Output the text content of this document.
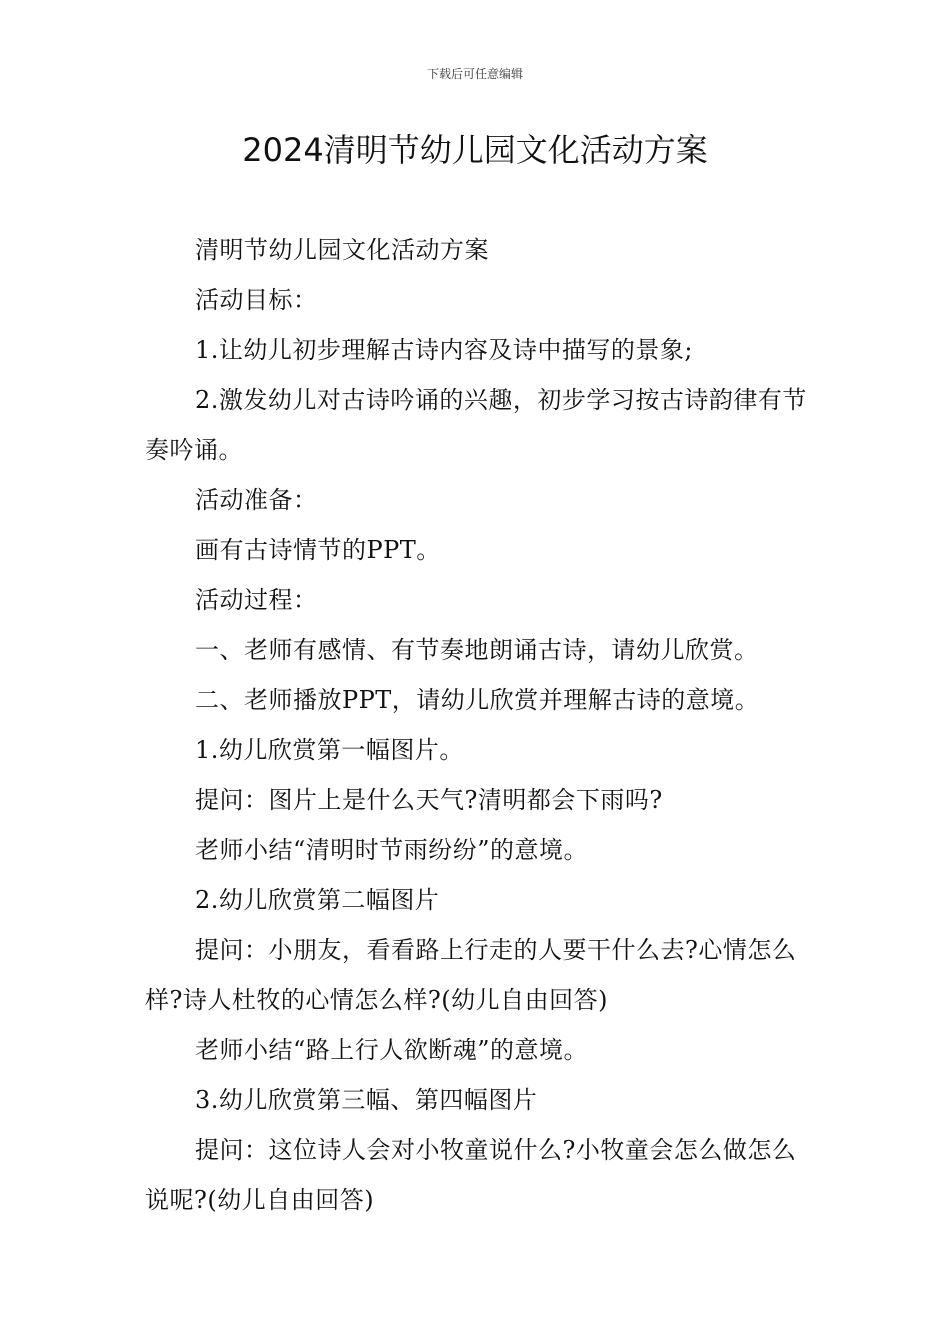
下载后可任意编辑
2024清明节幼儿园文化活动方案

清明节幼儿园文化活动方案

活动目标：

1.让幼儿初步理解古诗内容及诗中描写的景象;

2.激发幼儿对古诗吟诵的兴趣，初步学习按古诗韵律有节奏吟诵。

活动准备：

画有古诗情节的PPT。

活动过程：

一、老师有感情、有节奏地朗诵古诗，请幼儿欣赏。

二、老师播放PPT，请幼儿欣赏并理解古诗的意境。

1.幼儿欣赏第一幅图片。

提问：图片上是什么天气?清明都会下雨吗?

老师小结“清明时节雨纷纷”的意境。

2.幼儿欣赏第二幅图片

提问：小朋友，看看路上行走的人要干什么去?心情怎么样?诗人杜牧的心情怎么样?(幼儿自由回答)

老师小结“路上行人欲断魂”的意境。

3.幼儿欣赏第三幅、第四幅图片

提问：这位诗人会对小牧童说什么?小牧童会怎么做怎么说呢?(幼儿自由回答)
